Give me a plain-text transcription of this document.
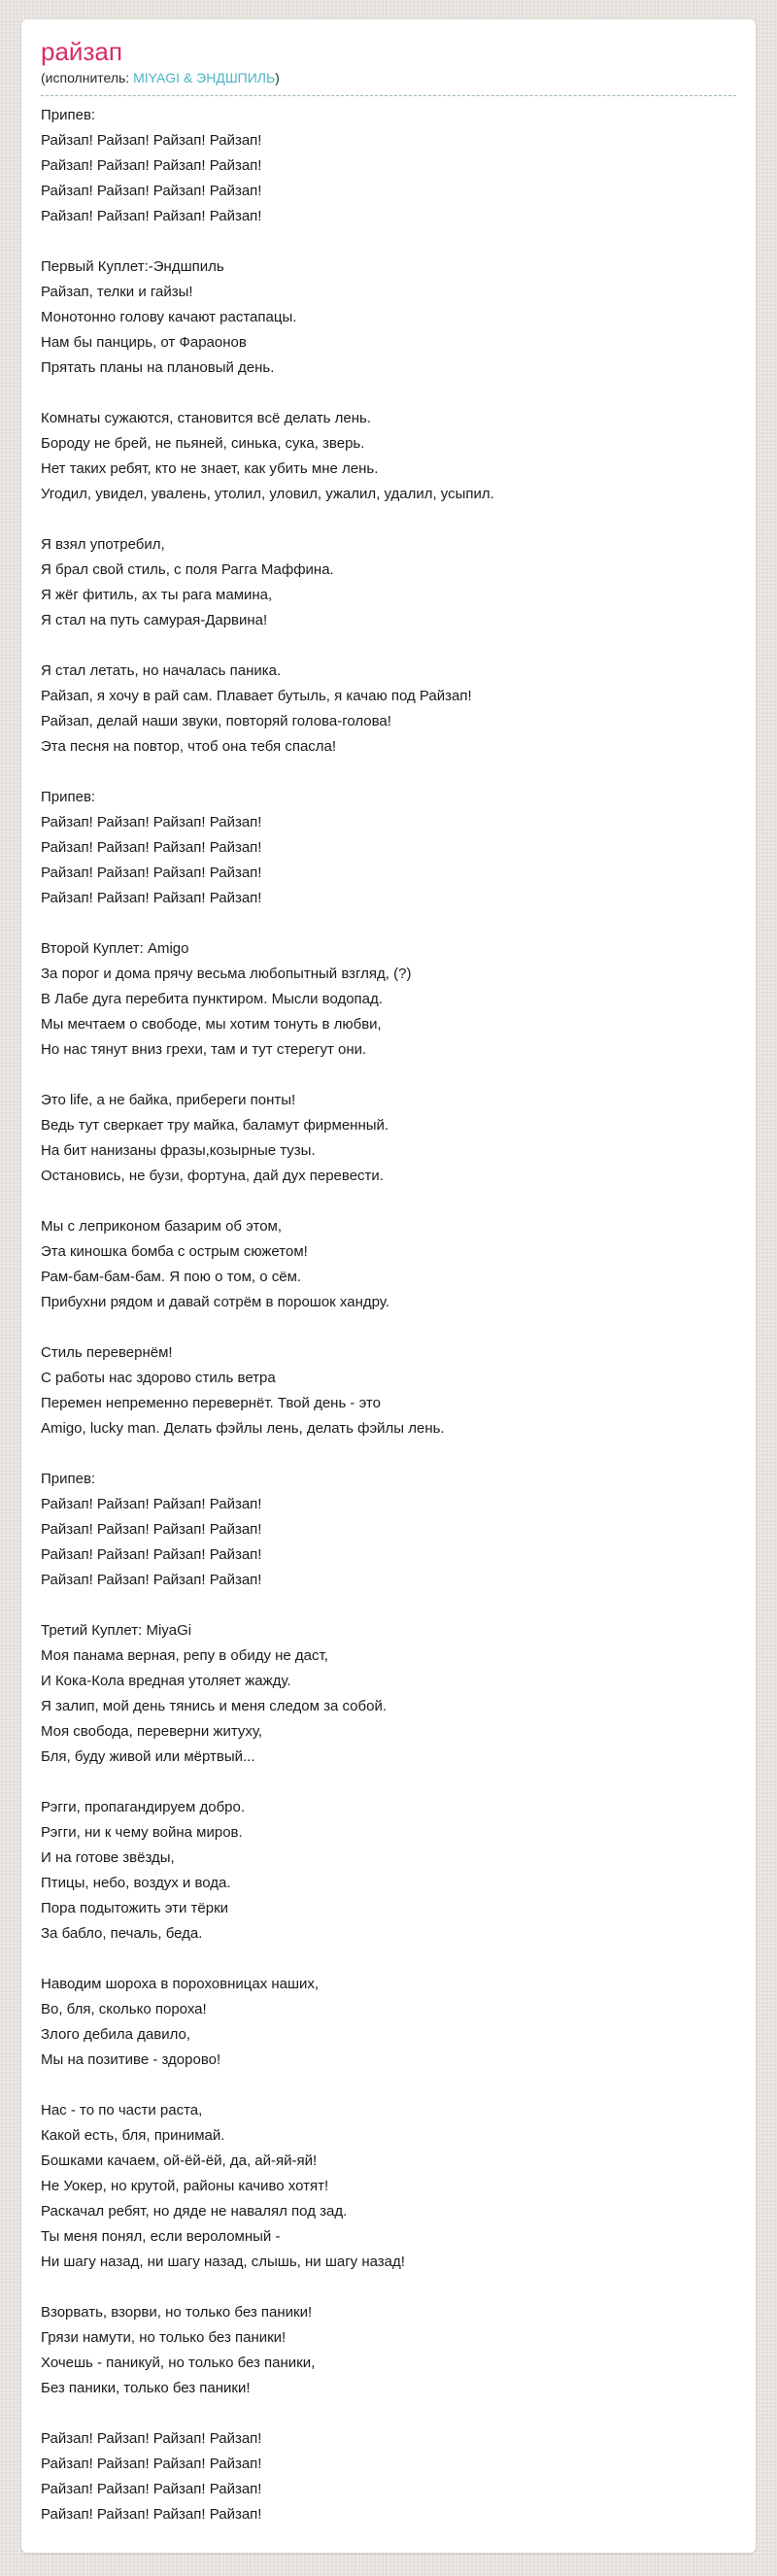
райзап
(исполнитель: MIYAGI & ЭНДШПИЛЬ)

Припев:
Райзап! Райзап! Райзап! Райзап!
Райзап! Райзап! Райзап! Райзап!
Райзап! Райзап! Райзап! Райзап!
Райзап! Райзап! Райзап! Райзап!

Первый Куплет:-Эндшпиль
Райзап, телки и гайзы!
Монотонно голову качают растапацы.
Нам бы панцирь, от Фараонов
Прятать планы на плановый день.

Комнаты сужаются, становится всё делать лень.
Бороду не брей, не пьяней, синька, сука, зверь.
Нет таких ребят, кто не знает, как убить мне лень.
Угодил, увидел, увалень, утолил, уловил, ужалил, удалил, усыпил.

Я взял употребил,
Я брал свой стиль, с поля Рагга Маффина.
Я жёг фитиль, ах ты рага мамина,
Я стал на путь самурая-Дарвина!

Я стал летать, но началась паника.
Райзап, я хочу в рай сам. Плавает бутыль, я качаю под Райзап!
Райзап, делай наши звуки, повторяй голова-голова!
Эта песня на повтор, чтоб она тебя спасла!

Припев:
Райзап! Райзап! Райзап! Райзап!
Райзап! Райзап! Райзап! Райзап!
Райзап! Райзап! Райзап! Райзап!
Райзап! Райзап! Райзап! Райзап!

Второй Куплет: Amigo
За порог и дома прячу весьма любопытный взгляд, (?)
В Лабе дуга перебита пунктиром. Мысли водопад.
Мы мечтаем о свободе, мы хотим тонуть в любви,
Но нас тянут вниз грехи, там и тут стерегут они.

Это life, а не байка, прибереги понты!
Ведь тут сверкает тру майка, баламут фирменный.
На бит нанизаны фразы,козырные тузы.
Остановись, не бузи, фортуна, дай дух перевести.

Мы с леприконом базарим об этом,
Эта киношка бомба с острым сюжетом!
Рам-бам-бам-бам. Я пою о том, о сём.
Прибухни рядом и давай сотрём в порошок хандру.

Стиль перевернём!
С работы нас здорово стиль ветра
Перемен непременно перевернёт. Твой день - это
Amigo, lucky man. Делать фэйлы лень, делать фэйлы лень.

Припев:
Райзап! Райзап! Райзап! Райзап!
Райзап! Райзап! Райзап! Райзап!
Райзап! Райзап! Райзап! Райзап!
Райзап! Райзап! Райзап! Райзап!

Третий Куплет: MiyaGi
Моя панама верная, репу в обиду не даст,
И Кока-Кола вредная утоляет жажду.
Я залип, мой день тянись и меня следом за собой.
Моя свобода, переверни житуху,
Бля, буду живой или мёртвый...

Рэгги, пропагандируем добро.
Рэгги, ни к чему война миров.
И на готове звёзды,
Птицы, небо, воздух и вода.
Пора подытожить эти тёрки
За бабло, печаль, беда.

Наводим шороха в пороховницах наших,
Во, бля, сколько пороха!
Злого дебила давило,
Мы на позитиве - здорово!

Нас - то по части раста,
Какой есть, бля, принимай.
Бошками качаем, ой-ёй-ёй, да, ай-яй-яй!
Не Уокер, но крутой, районы качиво хотят!
Раскачал ребят, но дяде не навалял под зад.
Ты меня понял, если вероломный -
Ни шагу назад, ни шагу назад, слышь, ни шагу назад!

Взорвать, взорви, но только без паники!
Грязи намути, но только без паники!
Хочешь - паникуй, но только без паники,
Без паники, только без паники!

Райзап! Райзап! Райзап! Райзап!
Райзап! Райзап! Райзап! Райзап!
Райзап! Райзап! Райзап! Райзап!
Райзап! Райзап! Райзап! Райзап!
